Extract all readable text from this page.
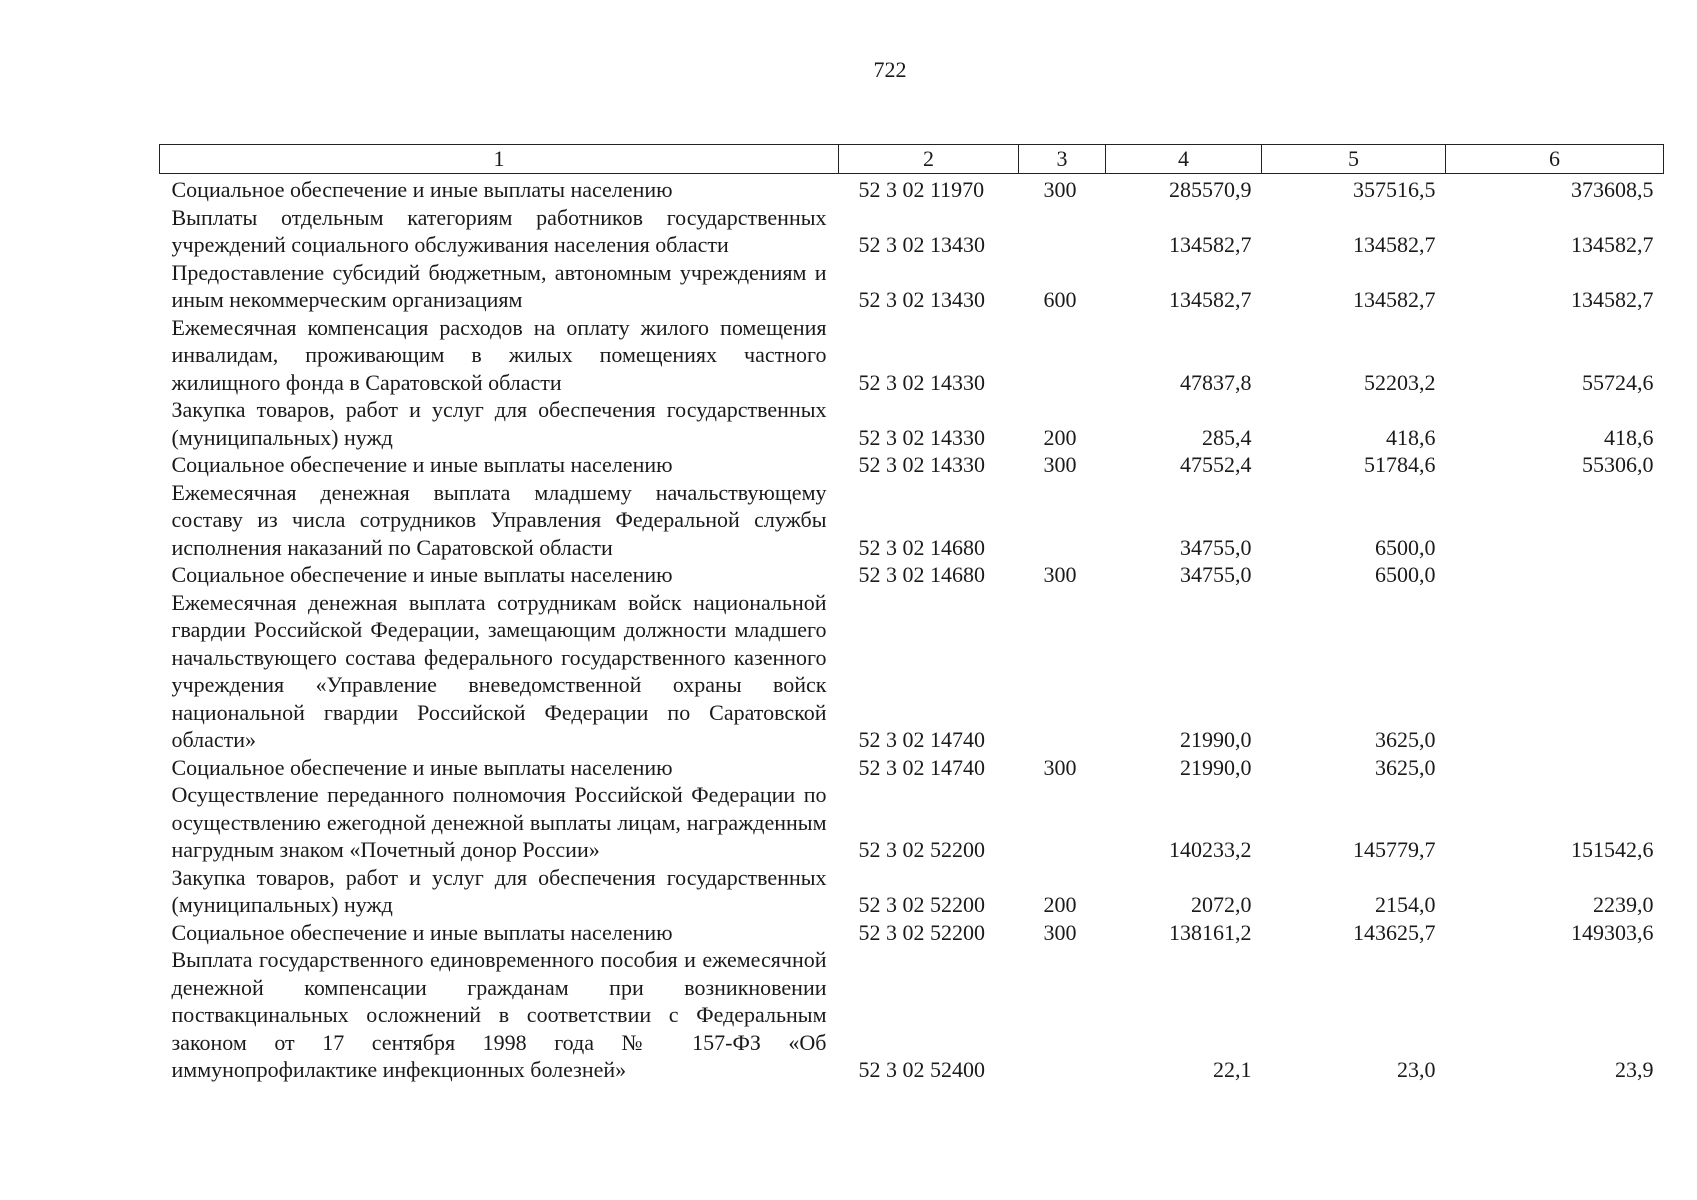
722
1	2	3	4	5	6
Социальное обеспечение и иные выплаты населению	52 3 02 11970	300	285570,9	357516,5	373608,5
Выплаты отдельным категориям работников государственных учреждений социального обслуживания населения области	52 3 02 13430		134582,7	134582,7	134582,7
Предоставление субсидий бюджетным, автономным учреждениям и иным некоммерческим организациям	52 3 02 13430	600	134582,7	134582,7	134582,7
Ежемесячная компенсация расходов на оплату жилого помещения инвалидам, проживающим в жилых помещениях частного жилищного фонда в Саратовской области	52 3 02 14330		47837,8	52203,2	55724,6
Закупка товаров, работ и услуг для обеспечения государственных (муниципальных) нужд	52 3 02 14330	200	285,4	418,6	418,6
Социальное обеспечение и иные выплаты населению	52 3 02 14330	300	47552,4	51784,6	55306,0
Ежемесячная денежная выплата младшему начальствующему составу из числа сотрудников Управления Федеральной службы исполнения наказаний по Саратовской области	52 3 02 14680		34755,0	6500,0	
Социальное обеспечение и иные выплаты населению	52 3 02 14680	300	34755,0	6500,0	
Ежемесячная денежная выплата сотрудникам войск национальной гвардии Российской Федерации, замещающим должности младшего начальствующего состава федерального государственного казенного учреждения «Управление вневедомственной охраны войск национальной гвардии Российской Федерации по Саратовской области»	52 3 02 14740		21990,0	3625,0	
Социальное обеспечение и иные выплаты населению	52 3 02 14740	300	21990,0	3625,0	
Осуществление переданного полномочия Российской Федерации по осуществлению ежегодной денежной выплаты лицам, награжденным нагрудным знаком «Почетный донор России»	52 3 02 52200		140233,2	145779,7	151542,6
Закупка товаров, работ и услуг для обеспечения государственных (муниципальных) нужд	52 3 02 52200	200	2072,0	2154,0	2239,0
Социальное обеспечение и иные выплаты населению	52 3 02 52200	300	138161,2	143625,7	149303,6
Выплата государственного единовременного пособия и ежемесячной денежной компенсации гражданам при возникновении поствакцинальных осложнений в соответствии с Федеральным законом от 17 сентября 1998 года № 157-ФЗ «Об иммунопрофилактике инфекционных болезней»	52 3 02 52400		22,1	23,0	23,9
